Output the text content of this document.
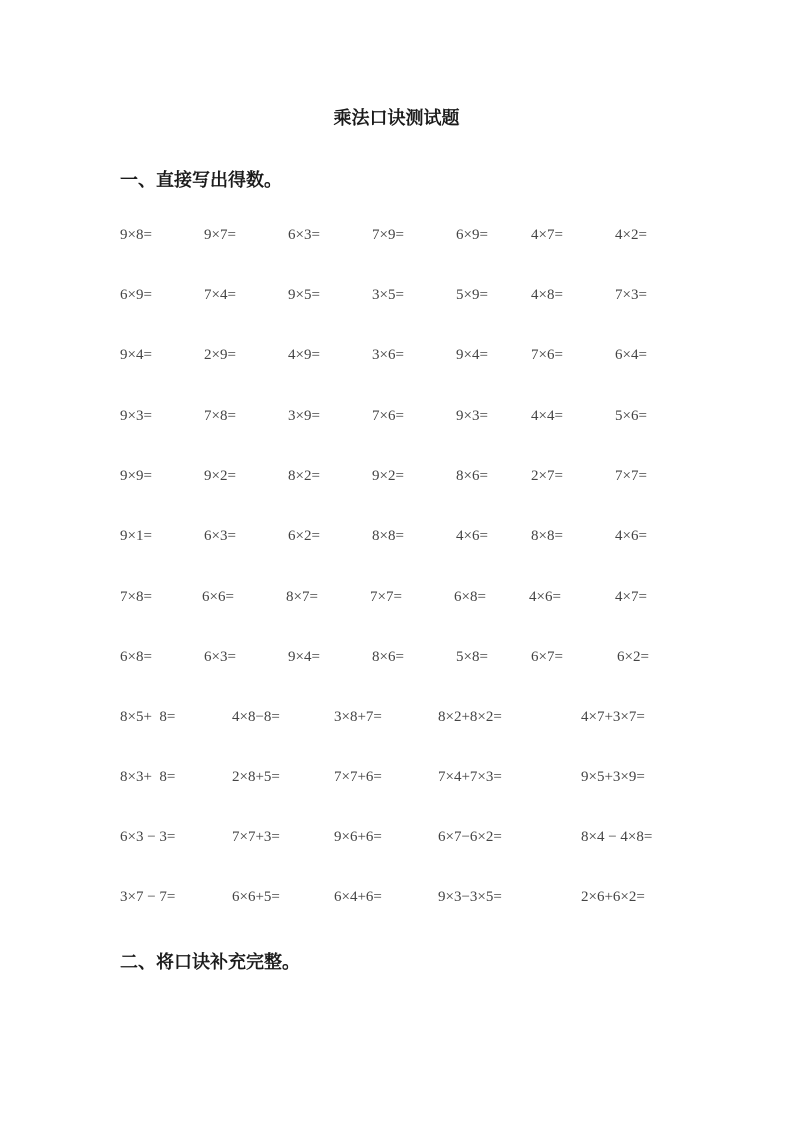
乘法口诀测试题
一、直接写出得数。
9×8=	9×7=	6×3=	7×9=	6×9=	4×7=	4×2=
6×9=	7×4=	9×5=	3×5=	5×9=	4×8=	7×3=
9×4=	2×9=	4×9=	3×6=	9×4=	7×6=	6×4=
9×3=	7×8=	3×9=	7×6=	9×3=	4×4=	5×6=
9×9=	9×2=	8×2=	9×2=	8×6=	2×7=	7×7=
9×1=	6×3=	6×2=	8×8=	4×6=	8×8=	4×6=
7×8=	6×6=	8×7=	7×7=	6×8=	4×6=	4×7=
6×8=	6×3=	9×4=	8×6=	5×8=	6×7=	6×2=
8×5+  8=	4×8−8=	3×8+7=	8×2+8×2=	4×7+3×7=
8×3+  8=	2×8+5=	7×7+6=	7×4+7×3=	9×5+3×9=
6×3 − 3=	7×7+3=	9×6+6=	6×7−6×2=	8×4 − 4×8=
3×7 − 7=	6×6+5=	6×4+6=	9×3−3×5=	2×6+6×2=
二、将口诀补充完整。
